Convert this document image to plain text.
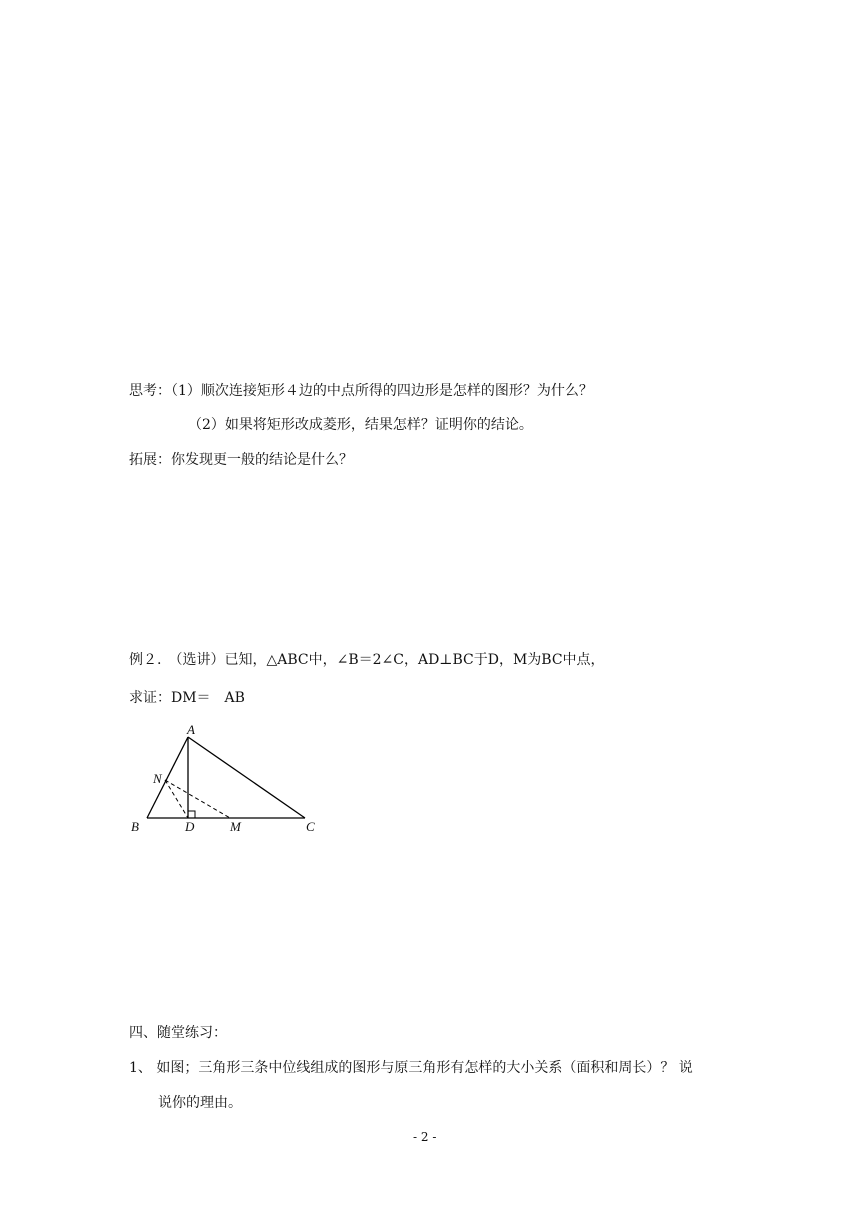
思考：（1）顺次连接矩形４边的中点所得的四边形是怎样的图形？为什么？
（2）如果将矩形改成菱形，结果怎样？证明你的结论。
拓展：你发现更一般的结论是什么？
例２.　（选讲）已知，△ABC中，∠B＝2∠C，AD⊥BC于D，M为BC中点，
求证：DM＝　AB
A
N
B	D	M	C
四、随堂练习：
1、 如图；三角形三条中位线组成的图形与原三角形有怎样的大小关系（面积和周长）？ 说
说你的理由。
- 2 -
